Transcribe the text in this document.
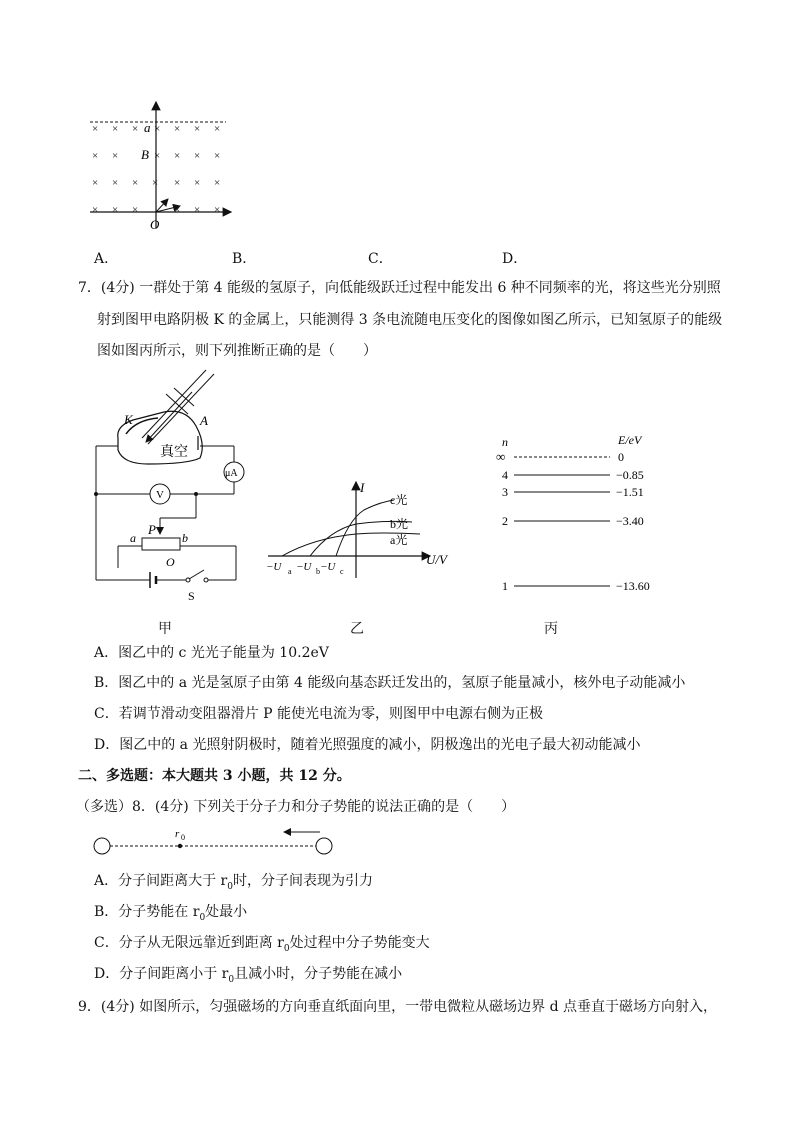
× × ×	× × ×
× ×	× × ×
× × × × × × ×
× × ×	× × ×
×
×
a
B
O
A．	B．	C．	D．
7．(4分) 一群处于第 4 能级的氢原子，向低能级跃迁过程中能发出 6 种不同频率的光，将这些光分别照
射到图甲电路阴极 K 的金属上，只能测得 3 条电流随电压变化的图像如图乙所示，已知氢原子的能级
图如图丙所示，则下列推断正确的是（　　）
K	A
真空
μA
V
P
a	b
O
S
甲
I
U/V
c光
b光
a光
−U a −U b −U c
乙
n	E/eV
∞
4
3
2
1
0
−0.85
−1.51
−3.40
−13.60
丙
A．图乙中的 c 光光子能量为 10.2eV
B．图乙中的 a 光是氢原子由第 4 能级向基态跃迁发出的，氢原子能量减小，核外电子动能减小
C．若调节滑动变阻器滑片 P 能使光电流为零，则图甲中电源右侧为正极
D．图乙中的 a 光照射阴极时，随着光照强度的减小，阴极逸出的光电子最大初动能减小
二、多选题：本大题共 3 小题，共 12 分。
（多选）8．(4分) 下列关于分子力和分子势能的说法正确的是（　　）
r 0
A．分子间距离大于 $r_0$时，分子间表现为引力
B．分子势能在 $r_0$处最小
C．分子从无限远靠近到距离 $r_0$处过程中分子势能变大
D．分子间距离小于 $r_0$且减小时，分子势能在减小
9．(4分) 如图所示，匀强磁场的方向垂直纸面向里，一带电微粒从磁场边界 d 点垂直于磁场方向射入，
